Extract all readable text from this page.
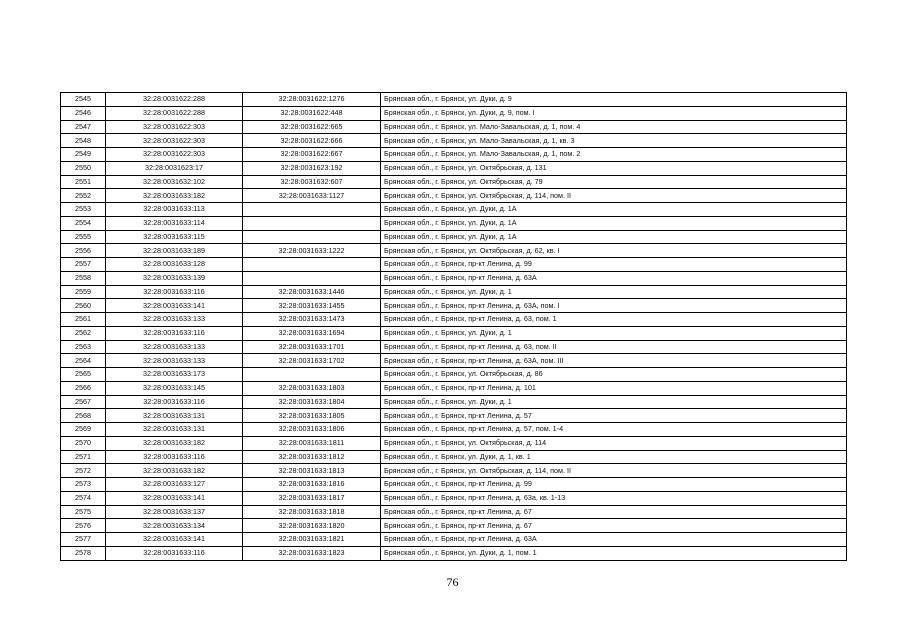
2545	32:28:0031622:288	32:28:0031622:1276	Брянская обл., г. Брянск, ул. Дуки, д. 9
2546	32:28:0031622:288	32:28:0031622:448	Брянская обл., г. Брянск, ул. Дуки, д. 9, пом. I
2547	32:28:0031622:303	32:28:0031622:665	Брянская обл., г. Брянск, ул. Мало-Завальская, д. 1, пом. 4
2548	32:28:0031622:303	32:28:0031622:666	Брянская обл., г. Брянск, ул. Мало-Завальская, д. 1, кв. 3
2549	32:28:0031622:303	32:28:0031622:667	Брянская обл., г. Брянск, ул. Мало-Завальская, д. 1, пом. 2
2550	32:28:0031623:17	32:28:0031623:192	Брянская обл., г. Брянск, ул. Октябрьская, д. 131
2551	32:28:0031632:102	32:28:0031632:607	Брянская обл., г. Брянск, ул. Октябрьская, д. 79
2552	32:28:0031633:182	32:28:0031633:1127	Брянская обл., г. Брянск, ул. Октябрьская, д. 114, пом. II
2553	32:28:0031633:113		Брянская обл., г. Брянск, ул. Дуки, д. 1А
2554	32:28:0031633:114		Брянская обл., г. Брянск, ул. Дуки, д. 1А
2555	32:28:0031633:115		Брянская обл., г. Брянск, ул. Дуки, д. 1А
2556	32:28:0031633:189	32:28:0031633:1222	Брянская обл., г. Брянск, ул. Октябрьская, д. 62, кв. I
2557	32:28:0031633:128		Брянская обл., г. Брянск, пр-кт Ленина, д. 99
2558	32:28:0031633:139		Брянская обл., г. Брянск, пр-кт Ленина, д. 63А
2559	32:28:0031633:116	32:28:0031633:1446	Брянская обл., г. Брянск, ул. Дуки, д. 1
2560	32:28:0031633:141	32:28:0031633:1455	Брянская обл., г. Брянск, пр-кт Ленина, д. 63А, пом. I
2561	32:28:0031633:133	32:28:0031633:1473	Брянская обл., г. Брянск, пр-кт Ленина, д. 63, пом. 1
2562	32:28:0031633:116	32:28:0031633:1694	Брянская обл., г. Брянск, ул. Дуки, д. 1
2563	32:28:0031633:133	32:28:0031633:1701	Брянская обл., г. Брянск, пр-кт Ленина, д. 63, пом. II
2564	32:28:0031633:133	32:28:0031633:1702	Брянская обл., г. Брянск, пр-кт Ленина, д. 63А, пом. III
2565	32:28:0031633:173		Брянская обл., г. Брянск, ул. Октябрьская, д. 86
2566	32:28:0031633:145	32:28:0031633:1803	Брянская обл., г. Брянск, пр-кт Ленина, д. 101
2567	32:28:0031633:116	32:28:0031633:1804	Брянская обл., г. Брянск, ул. Дуки, д. 1
2568	32:28:0031633:131	32:28:0031633:1805	Брянская обл., г. Брянск, пр-кт Ленина, д. 57
2569	32:28:0031633:131	32:28:0031633:1806	Брянская обл., г. Брянск, пр-кт Ленина, д. 57, пом. 1-4
2570	32:28:0031633:182	32:28:0031633:1811	Брянская обл., г. Брянск, ул. Октябрьская, д. 114
2571	32:28:0031633:116	32:28:0031633:1812	Брянская обл., г. Брянск, ул. Дуки, д. 1, кв. 1
2572	32:28:0031633:182	32:28:0031633:1813	Брянская обл., г. Брянск, ул. Октябрьская, д. 114, пом. II
2573	32:28:0031633:127	32:28:0031633:1816	Брянская обл., г. Брянск, пр-кт Ленина, д. 99
2574	32:28:0031633:141	32:28:0031633:1817	Брянская обл., г. Брянск, пр-кт Ленина, д. 63а, кв. 1-13
2575	32:28:0031633:137	32:28:0031633:1818	Брянская обл., г. Брянск, пр-кт Ленина, д. 67
2576	32:28:0031633:134	32:28:0031633:1820	Брянская обл., г. Брянск, пр-кт Ленина, д. 67
2577	32:28:0031633:141	32:28:0031633:1821	Брянская обл., г. Брянск, пр-кт Ленина, д. 63А
2578	32:28:0031633:116	32:28:0031633:1823	Брянская обл., г. Брянск, ул. Дуки, д. 1, пом. 1
76
